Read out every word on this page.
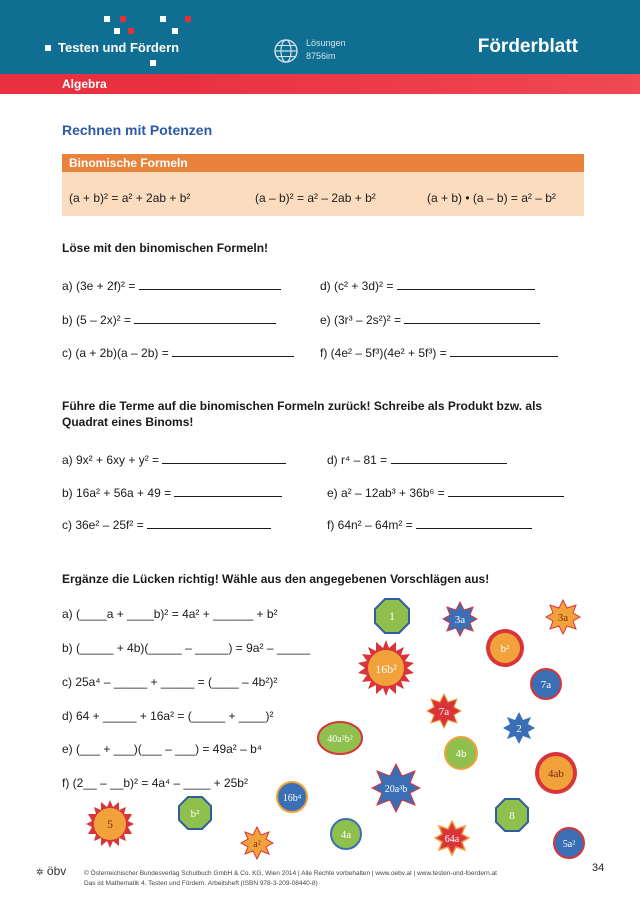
Testen und Fördern	Lösungen
8756im	Förderblatt
Algebra
Rechnen mit Potenzen
Binomische Formeln
(a + b)² = a² + 2ab + b²	(a – b)² = a² – 2ab + b²	(a + b) • (a – b) = a² – b²
Löse mit den binomischen Formeln!
a) (3e + 2f)² =
b) (5 – 2x)² =
c) (a + 2b)(a – 2b) =
d) (c² + 3d)² =
e) (3r³ – 2s²)² =
f) (4e² – 5f³)(4e² + 5f³) =
Führe die Terme auf die binomischen Formeln zurück! Schreibe als Produkt bzw. als Quadrat eines Binoms!
a) 9x² + 6xy + y² =
b) 16a² + 56a + 49 =
c) 36e² – 25f² =
d) r⁴ – 81 =
e) a² – 12ab³ + 36b⁶ =
f) 64n² – 64m² =
Ergänze die Lücken richtig! Wähle aus den angegebenen Vorschlägen aus!
a) (____a + ____b)² = 4a² + ______ + b²
b) (_____ + 4b)(_____ – _____) = 9a² – _____
c) 25a⁴ – _____ + _____ = (____ – 4b²)²
d) 64 + _____ + 16a² = (_____ + ____)²
e) (___ + ___)(___ – ___) = 49a² – b⁴
f) (2__ – __b)² = 4a⁴ – ____ + 25b²
1	3a	3a
b²
16b²
7a
7a
2
40a²b²
4b
4ab
16b⁴
20a³b
5
b²	8
a²
4a	64a	5a²
✲ öbv	© Österreichischer Bundesverlag Schulbuch GmbH & Co. KG, Wien 2014 | Alle Rechte vorbehalten | www.oebv.at | www.testen-und-foerdern.at
Das ist Mathematik 4. Testen und Fördern. Arbeitsheft (ISBN 978-3-209-08440-8)
34
